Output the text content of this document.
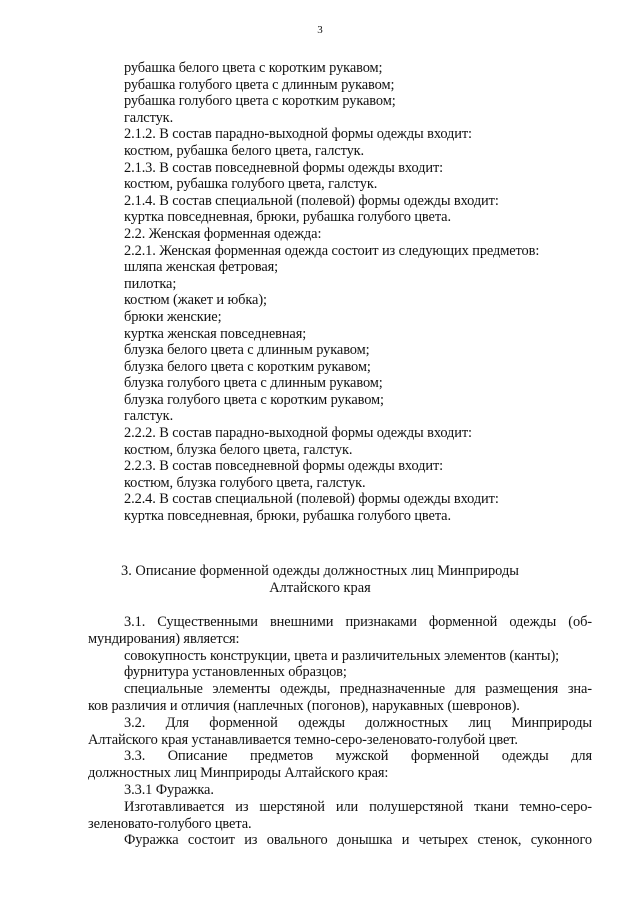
3
рубашка белого цвета с коротким рукавом;
рубашка голубого цвета с длинным рукавом;
рубашка голубого цвета с коротким рукавом;
галстук.
2.1.2. В состав парадно-выходной формы одежды входит:
костюм, рубашка белого цвета, галстук.
2.1.3. В состав повседневной формы одежды входит:
костюм, рубашка голубого цвета, галстук.
2.1.4. В состав специальной (полевой) формы одежды входит:
куртка повседневная, брюки, рубашка голубого цвета.
2.2. Женская форменная одежда:
2.2.1. Женская форменная одежда состоит из следующих предметов:
шляпа женская фетровая;
пилотка;
костюм (жакет и юбка);
брюки женские;
куртка женская повседневная;
блузка белого цвета с длинным рукавом;
блузка белого цвета с коротким рукавом;
блузка голубого цвета с длинным рукавом;
блузка голубого цвета с коротким рукавом;
галстук.
2.2.2. В состав парадно-выходной формы одежды входит:
костюм, блузка белого цвета, галстук.
2.2.3. В состав повседневной формы одежды входит:
костюм, блузка голубого цвета, галстук.
2.2.4. В состав специальной (полевой) формы одежды входит:
куртка повседневная, брюки, рубашка голубого цвета.
3. Описание форменной одежды должностных лиц Минприроды
Алтайского края
3.1. Существенными внешними признаками форменной одежды (об-
мундирования) является:
совокупность конструкции, цвета и различительных элементов (канты);
фурнитура установленных образцов;
специальные элементы одежды, предназначенные для размещения зна-
ков различия и отличия (наплечных (погонов), нарукавных (шевронов).
3.2. Для форменной одежды должностных лиц Минприроды
Алтайского края устанавливается темно-серо-зеленовато-голубой цвет.
3.3. Описание предметов мужской форменной одежды для
должностных лиц Минприроды Алтайского края:
3.3.1 Фуражка.
Изготавливается из шерстяной или полушерстяной ткани темно-серо-
зеленовато-голубого цвета.
Фуражка состоит из овального донышка и четырех стенок, суконного
